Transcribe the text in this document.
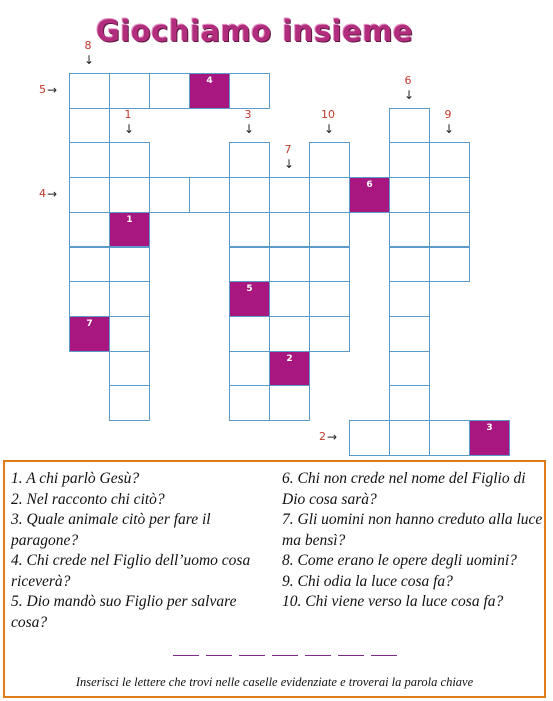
Giochiamo insieme
4
6
3
7
1
5
2
5 →
4 →
2 →
8
↓
6
↓
1
↓
3
↓
10
↓
9
↓
7
↓
1. A chi parlò Gesù?
2. Nel racconto chi citò?
3. Quale animale citò per fare il paragone?
4. Chi crede nel Figlio dell’uomo cosa riceverà?
5. Dio mandò suo Figlio per salvare cosa?
6. Chi non crede nel nome del Figlio di Dio cosa sarà?
7. Gli uomini non hanno creduto alla luce ma bensì?
8. Come erano le opere degli uomini?
9. Chi odia la luce cosa fa?
10. Chi viene verso la luce cosa fa?
Inserisci le lettere che trovi nelle caselle evidenziate e troverai la parola chiave
